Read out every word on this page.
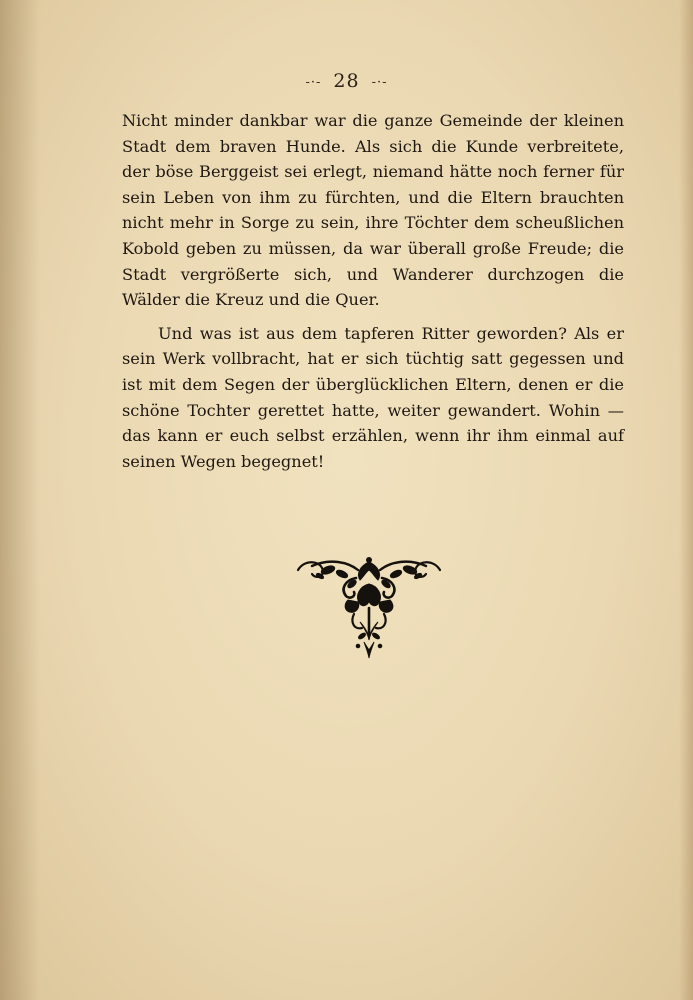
-·- 28 -·-

Nicht minder dankbar war die ganze Gemeinde der kleinen Stadt dem braven Hunde. Als sich die Kunde verbreitete, der böse Berggeist sei erlegt, niemand hätte noch ferner für sein Leben von ihm zu fürchten, und die Eltern brauchten nicht mehr in Sorge zu sein, ihre Töchter dem scheußlichen Kobold geben zu müssen, da war überall große Freude; die Stadt vergrößerte sich, und Wanderer durchzogen die Wälder die Kreuz und die Quer.

Und was ist aus dem tapferen Ritter geworden? Als er sein Werk vollbracht, hat er sich tüchtig satt gegessen und ist mit dem Segen der überglücklichen Eltern, denen er die schöne Tochter gerettet hatte, weiter gewandert. Wohin — das kann er euch selbst erzählen, wenn ihr ihm einmal auf seinen Wegen begegnet!
